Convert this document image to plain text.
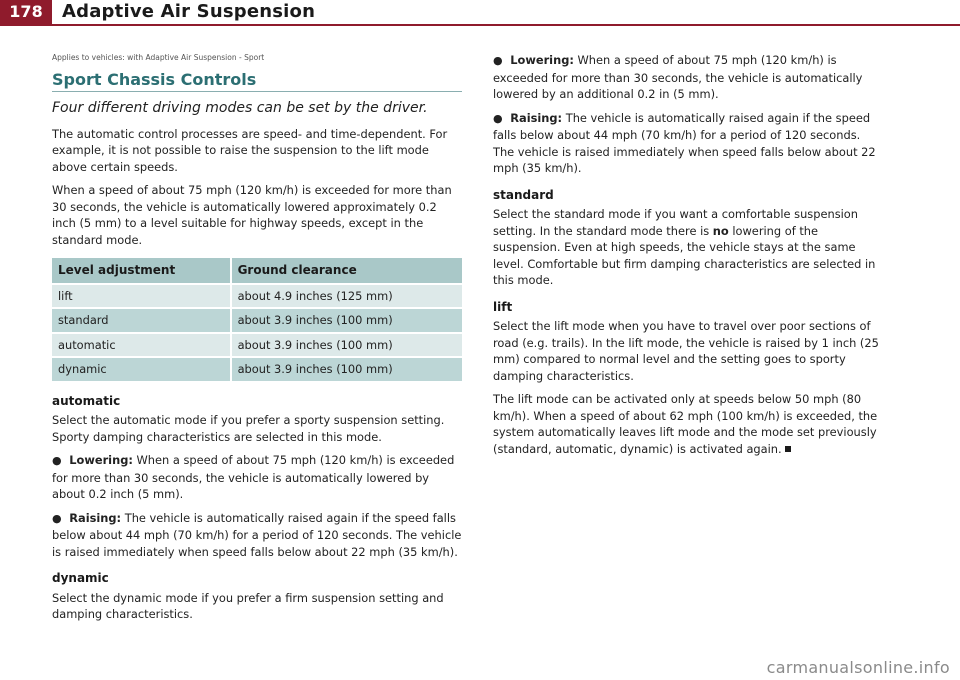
178	Adaptive Air Suspension
Applies to vehicles: with Adaptive Air Suspension - Sport
Sport Chassis Controls
Four different driving modes can be set by the driver.

The automatic control processes are speed- and time-dependent. For example, it is not possible to raise the suspension to the lift mode above certain speeds.

When a speed of about 75 mph (120 km/h) is exceeded for more than 30 seconds, the vehicle is automatically lowered approximately 0.2 inch (5 mm) to a level suitable for highway speeds, except in the standard mode.

Level adjustment	Ground clearance
lift	about 4.9 inches (125 mm)
standard	about 3.9 inches (100 mm)
automatic	about 3.9 inches (100 mm)
dynamic	about 3.9 inches (100 mm)
automatic

Select the automatic mode if you prefer a sporty suspension setting. Sporty damping characteristics are selected in this mode.

● Lowering: When a speed of about 75 mph (120 km/h) is exceeded for more than 30 seconds, the vehicle is automatically lowered by about 0.2 inch (5 mm).

● Raising: The vehicle is automatically raised again if the speed falls below about 44 mph (70 km/h) for a period of 120 seconds. The vehicle is raised immediately when speed falls below about 22 mph (35 km/h).

dynamic

Select the dynamic mode if you prefer a firm suspension setting and damping characteristics.

● Lowering: When a speed of about 75 mph (120 km/h) is exceeded for more than 30 seconds, the vehicle is automatically lowered by an additional 0.2 in (5 mm).

● Raising: The vehicle is automatically raised again if the speed falls below about 44 mph (70 km/h) for a period of 120 seconds. The vehicle is raised immediately when speed falls below about 22 mph (35 km/h).

standard

Select the standard mode if you want a comfortable suspension setting. In the standard mode there is no lowering of the suspension. Even at high speeds, the vehicle stays at the same level. Comfortable but firm damping characteristics are selected in this mode.

lift

Select the lift mode when you have to travel over poor sections of road (e.g. trails). In the lift mode, the vehicle is raised by 1 inch (25 mm) compared to normal level and the setting goes to sporty damping characteristics.

The lift mode can be activated only at speeds below 50 mph (80 km/h). When a speed of about 62 mph (100 km/h) is exceeded, the system automatically leaves lift mode and the mode set previously (standard, automatic, dynamic) is activated again.

carmanualsonline.info
